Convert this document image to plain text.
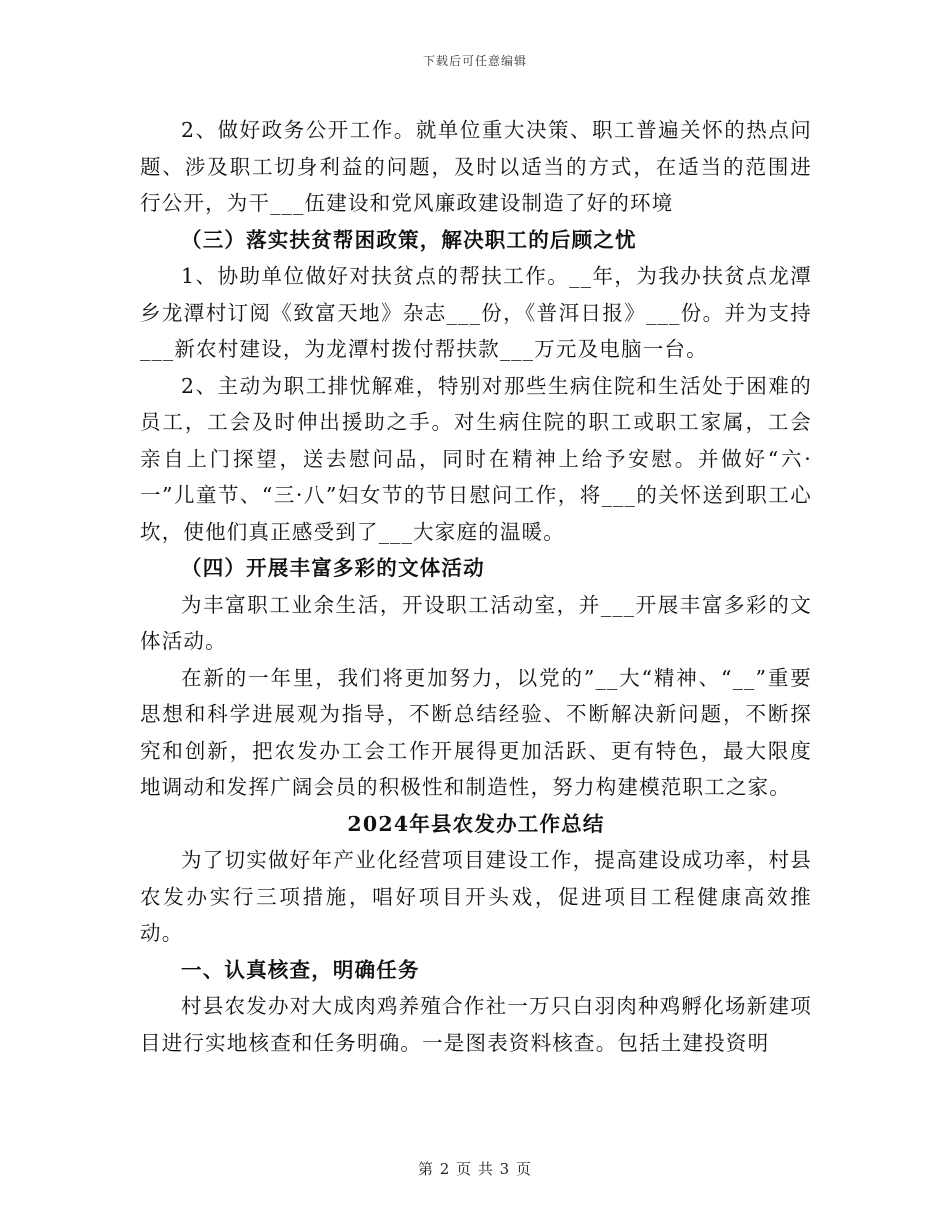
下载后可任意编辑

2、做好政务公开工作。就单位重大决策、职工普遍关怀的热点问题、涉及职工切身利益的问题，及时以适当的方式，在适当的范围进行公开，为干___伍建设和党风廉政建设制造了好的环境

（三）落实扶贫帮困政策，解决职工的后顾之忧

1、协助单位做好对扶贫点的帮扶工作。__年，为我办扶贫点龙潭乡龙潭村订阅《致富天地》杂志___份，《普洱日报》___份。并为支持___新农村建设，为龙潭村拨付帮扶款___万元及电脑一台。

2、主动为职工排忧解难，特别对那些生病住院和生活处于困难的员工，工会及时伸出援助之手。对生病住院的职工或职工家属，工会亲自上门探望，送去慰问品，同时在精神上给予安慰。并做好“六·一”儿童节、“三·八”妇女节的节日慰问工作，将___的关怀送到职工心坎，使他们真正感受到了___大家庭的温暖。

（四）开展丰富多彩的文体活动

为丰富职工业余生活，开设职工活动室，并___开展丰富多彩的文体活动。

在新的一年里，我们将更加努力，以党的”__大“精神、“__”重要思想和科学进展观为指导，不断总结经验、不断解决新问题，不断探究和创新，把农发办工会工作开展得更加活跃、更有特色，最大限度地调动和发挥广阔会员的积极性和制造性，努力构建模范职工之家。

2024年县农发办工作总结

为了切实做好年产业化经营项目建设工作，提高建设成功率，村县农发办实行三项措施，唱好项目开头戏，促进项目工程健康高效推动。

一、认真核查，明确任务

村县农发办对大成肉鸡养殖合作社一万只白羽肉种鸡孵化场新建项目进行实地核查和任务明确。一是图表资料核查。包括土建投资明

第 2 页 共 3 页
